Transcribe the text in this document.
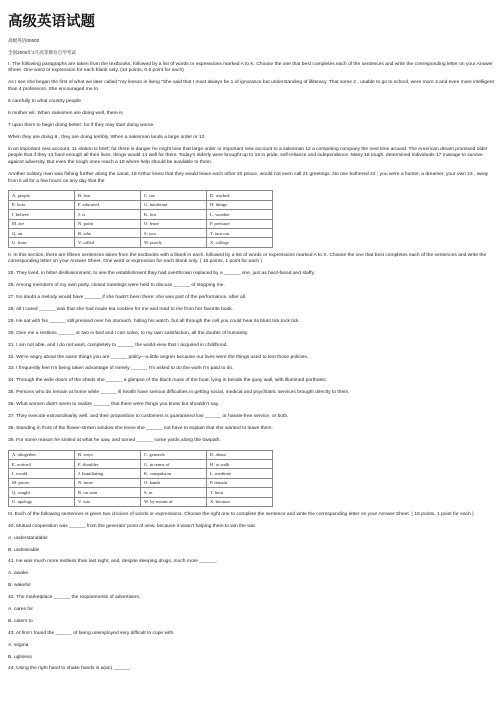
高级英语试题

高级英语00600

全国2009年1月高等教育自学考试

I. The following paragraphs are taken from the textbooks, followed by a list of words or expressions marked A to K. Choose the one that best completes each of the sentences and write the corresponding letter on your Answer Sheet. One word or expression for each blank only. (10 points, 0.5 point for each)

As I see she began the first of what we later called "my lesson in living."She said that I must always be 1 of ignorance but understanding of illiteracy. That some 2 , unable to go to school, were more 3 and even more intelligent than 4 professors. She encouraged me to

5 carefully to what country people

6 mother wit. When salesmen are doing well, there is

7 upon them to begin doing better: for if they may start doing worse.

When they are doing 8 , they are doing terribly. When a salesman lands a large order or 10

in an important new account, 11 elation is brief; for there is danger he might lose that large order or important new account to a salesman 12 a competing company the next time around. The American dream promised older people that if they 13 hard enough all their lives, things would 14 well for them. Today's elderly were brought up to 15 in pride, self-reliance and independence. Many 16 tough, determined individuals 17 manage to survive against adversity. But even the tough ones reach a 18 where help should be available to them.

Another solitary man was fishing further along the canal, 19 Arthur knew that they would leave each other 20 peace, would not even call 21 greetings. No one bothered 22 ; you were a hunter, a dreamer, your own 23 , away from it all for a few hours on any day that the

A. people	B. fear	C. tax	D. worked
E. boss	F. educated	G. intolerant	H. things
I. believe	J. is	K. lost	L. weather
M. are	N. point	O. lease	P. pressure
Q. on	R. who	S. you	T. turn out
U. from	V. called	W. poorly	X. college

II. In this section, there are fifteen sentences taken from the textbooks with a blank in each, followed by a list of words or expressions marked A to X. Choose the one that best completes each of the sentences and write the corresponding letter on your Answer Sheet. One word or expression for each blank only. ( 15 points, 1 point for each )

25. They lived, in bitter disillusionment, to see the establishment they had overthrown replaced by a ______ one, just as hard-faced and staffy.

26. Among members of my own party, closed meetings were held to discuss ______ of stopping me.

27. No doubt a melody would have ______ if she hadn't been there: she was part of the performance, after all.

28. All I cared ______ was that she had made tea cookies for me and read to me from her favorite book.

29. He sat with his ______ still pressed over his stomach, hiding his watch, but all through the cell you could hear its blunt tick,tock tick.

30. Give me a restless ______ or two in bed and I can solve, to my own satisfaction, all the doubts of humanity.

31. I am not able, and I do not want, completely to ______ the world-view that I acquired in childhood.

32. We're angry about the same things you are ______ policy—a little angrier because our lives were the things used to test those policies.

33. I frequently feel I'm being taken advantage of merely ______ I'm asked to do the work I'm paid to do.

34. Through the wide doors of the sheds she ______ a glimpse of the black mass of the boat, lying in beside the quay wall, with illumined portholes.

35. Persons who do remain at home while ______ ill health have serious difficulties in getting social, medical and psychiatric services brought directly to them.

36. What women didn't seem to realize ______ that there were things you knew but shouldn't say.

37. They execute extraordinarily well, and their proposition to customers is guaranteed low ______ or hassle-free service, or both.

38. Standing in front of the flower-strewn window she knew she ______ not have to explain that she wanted to leave them.

39. For some reason he smiled at what he saw, and turned ______ some yards along the towpath.

A. altogether	B. ways	C. generals	D. about
E. noticed	F. shoulder	G. in terms of	H. to walk
I. would	J. humiliating	K. compulsion	L. meditate
M. prices	N. more	O. hands	P. remain
Q. caught	R. on vain	S. in	T. hour
U. apology	V. was	W. by means of	X. because

III. Each of the following sentences is given two choices of words or expressions. Choose the right one to complete the sentence and write the corresponding letter on your Answer Sheet. ( 15 points, 1 point for each )

40. Mutual cooperation was ______ from the generals' point of view, because it wasn't helping them to win the war.

A. understandable

B. undesirable

41. He was much more restless than last night, and, despite sleeping drugs, much more ______.

A. awake

B. wakeful

42. The marketplace ______ the requirements of advertisers.

A. cares for

B. caters to

43. At first I found the ______ of being unemployed very difficult to cope with.

A. stigma

B. ugliness

44. Using the right hand to shake hands is a(an) ______.
